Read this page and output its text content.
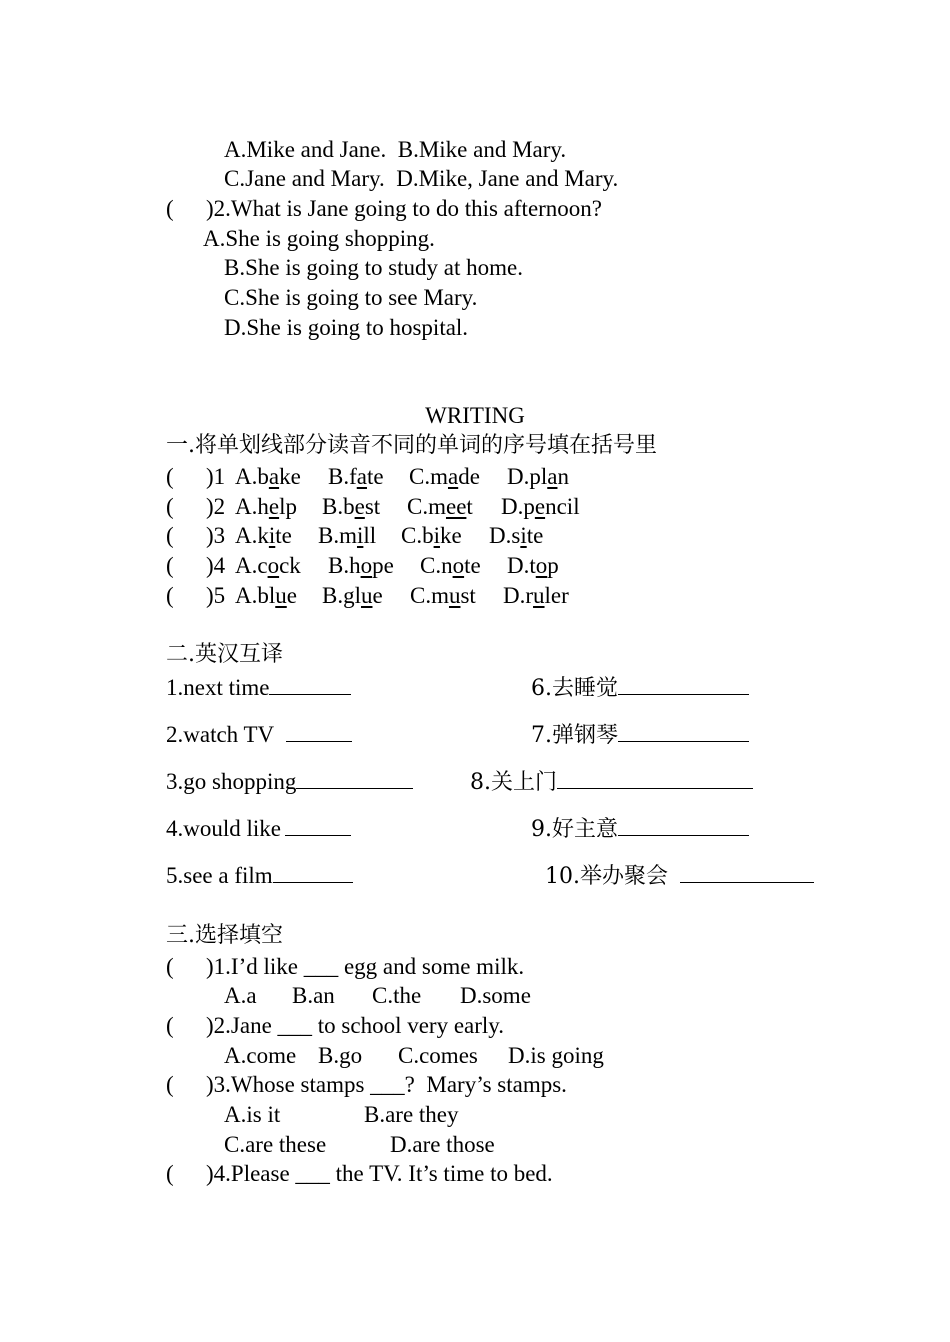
A.Mike and Jane.  B.Mike and Mary.
C.Jane and Mary.  D.Mike, Jane and Mary.
( )2.What is Jane going to do this afternoon?
A.She is going shopping.
B.She is going to study at home.
C.She is going to see Mary.
D.She is going to hospital.
WRITING
一.将单划线部分读音不同的单词的序号填在括号里
( )1 A.bake B.fate C.made D.plan
( )2 A.help B.best C.meet D.pencil
( )3 A.kite B.mill C.bike D.site
( )4 A.cock B.hope C.note D.top
( )5 A.blue B.glue C.must D.ruler
二.英汉互译
1.next time
2.watch TV
3.go shopping
4.would like
5.see a film
6.去睡觉
7.弹钢琴
8.关上门
9.好主意
10.举办聚会
三.选择填空
( )1.I’d like ___ egg and some milk.
A.a B.an C.the D.some
( )2.Jane ___ to school very early.
A.come B.go C.comes D.is going
( )3.Whose stamps ___?  Mary’s stamps.
A.is it	B.are they
C.are these	D.are those
( )4.Please ___ the TV. It’s time to bed.
